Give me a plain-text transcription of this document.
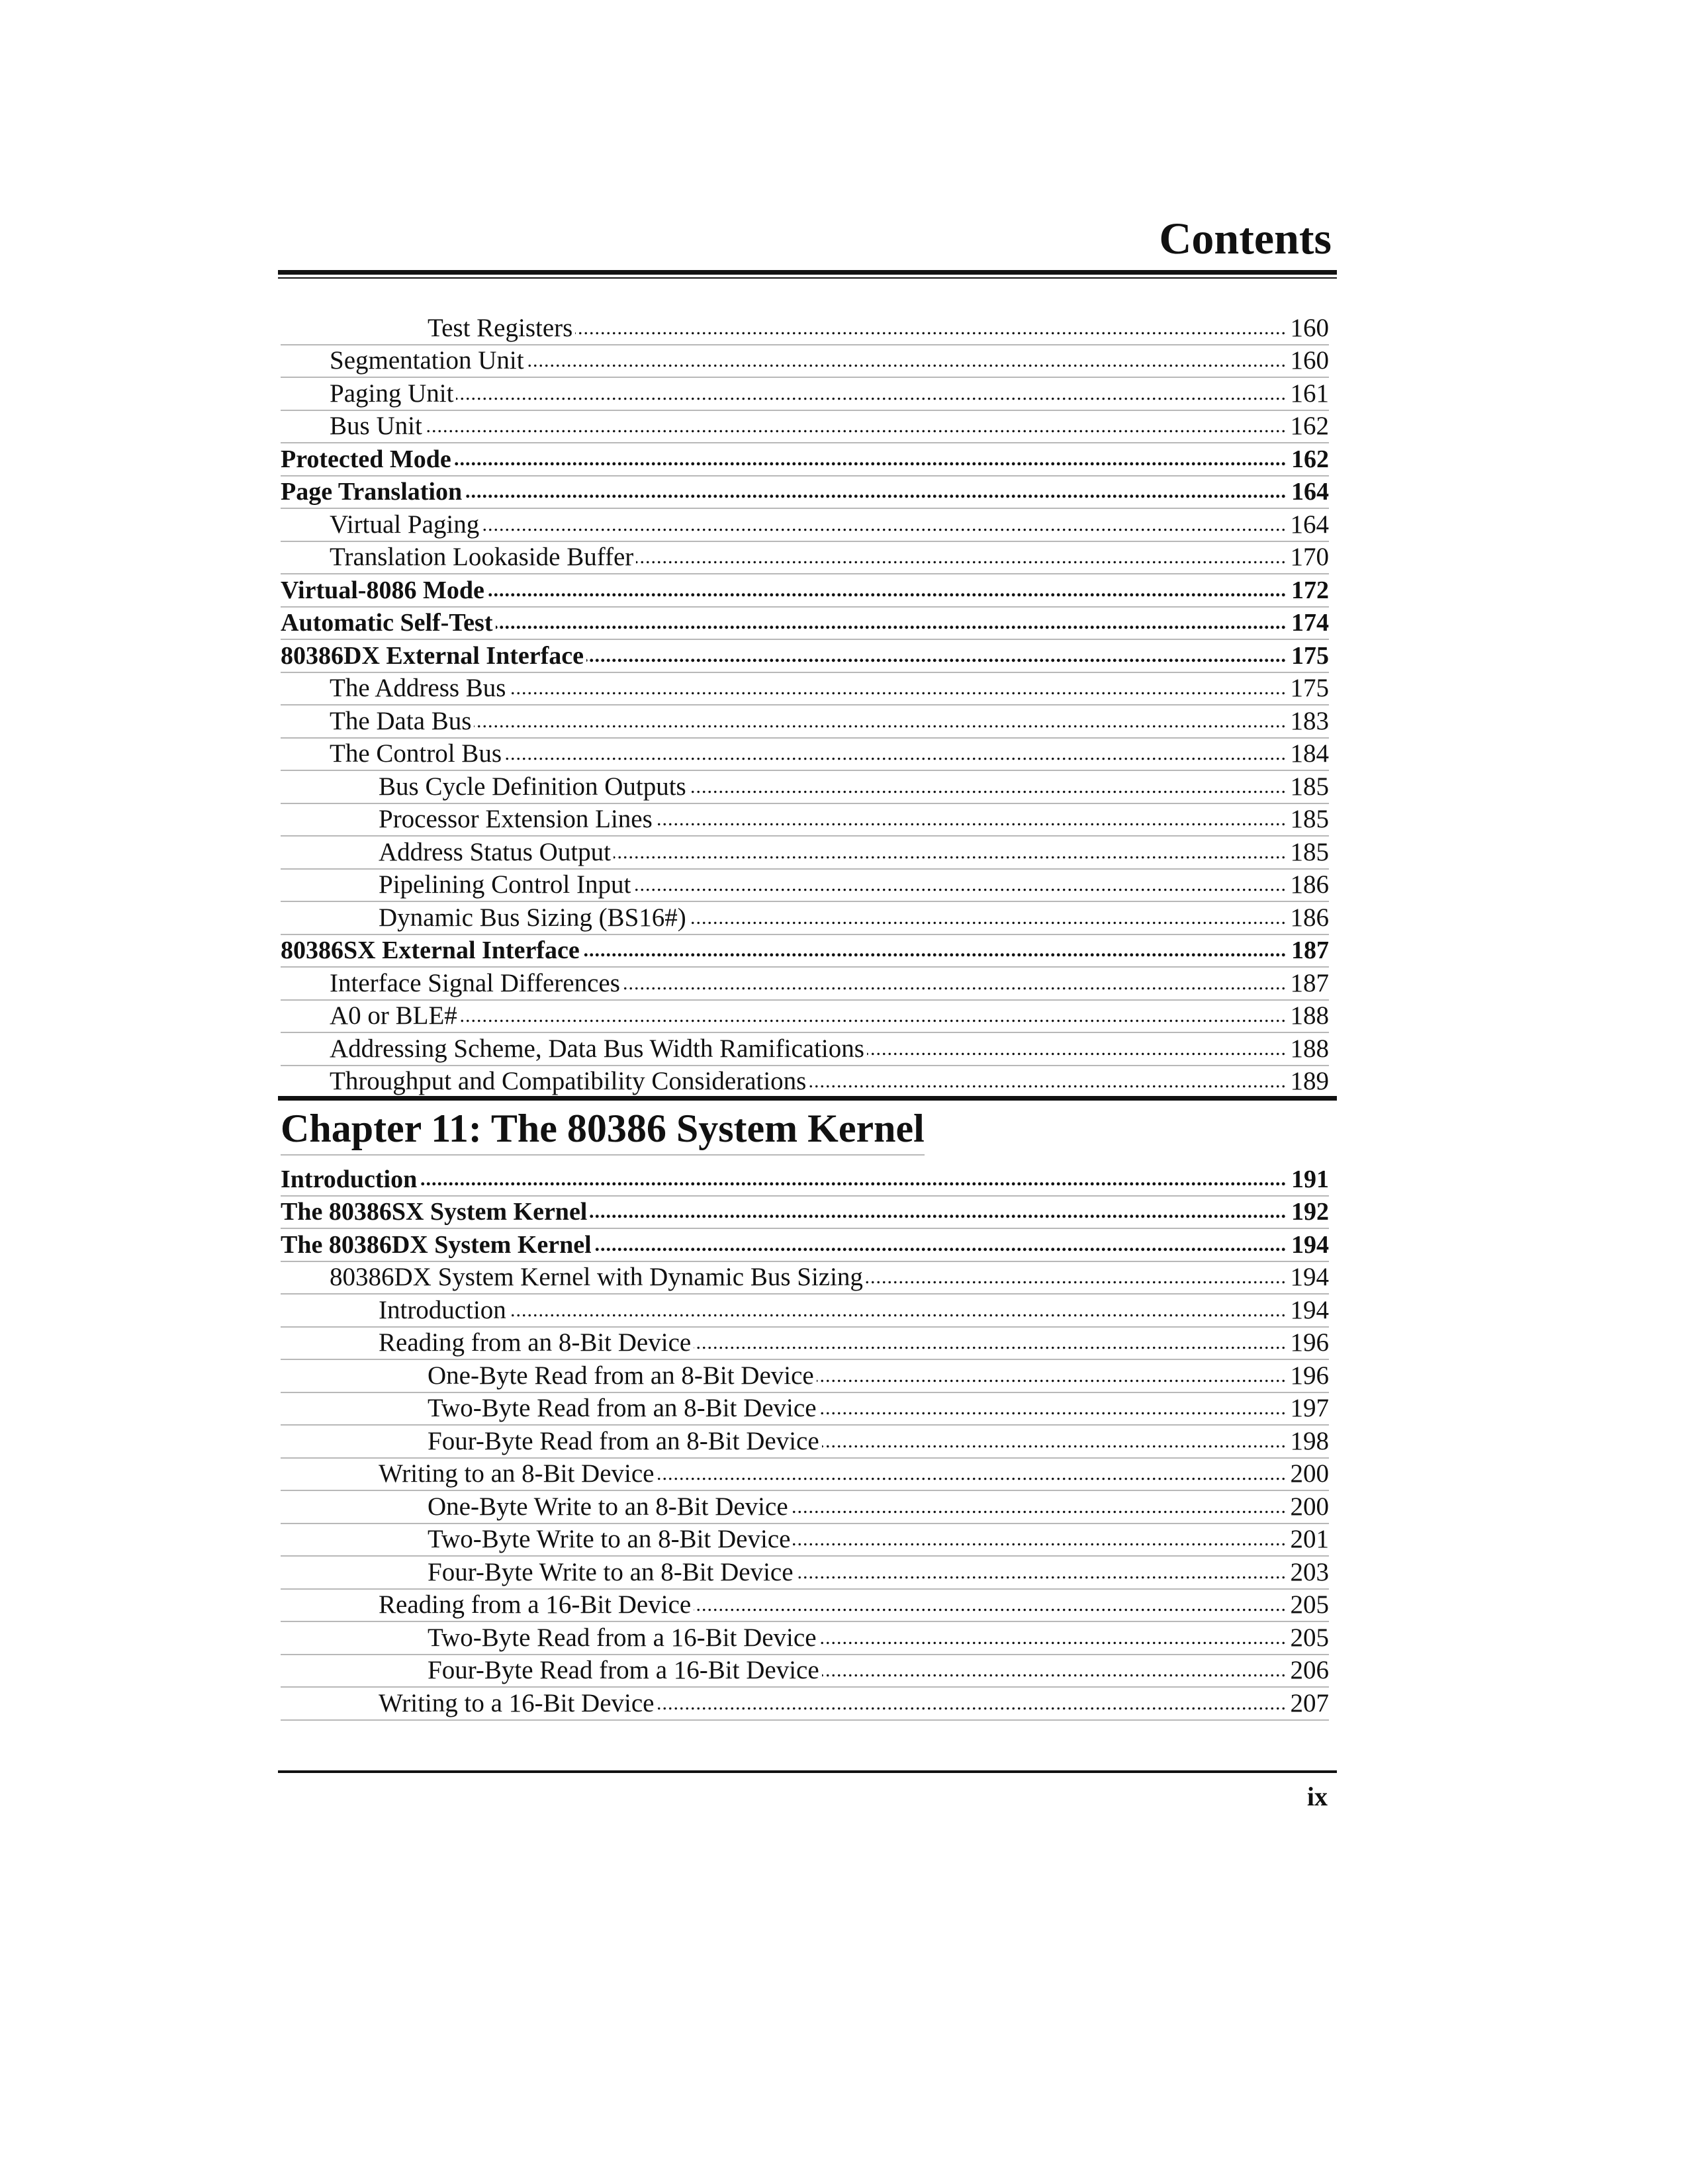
Contents
Test Registers .....	160
Segmentation Unit .....	160
Paging Unit .....	161
Bus Unit .....	162
Protected Mode .....	162
Page Translation .....	164
Virtual Paging .....	164
Translation Lookaside Buffer .....	170
Virtual-8086 Mode .....	172
Automatic Self-Test .....	174
80386DX External Interface .....	175
The Address Bus .....	175
The Data Bus .....	183
The Control Bus .....	184
Bus Cycle Definition Outputs .....	185
Processor Extension Lines .....	185
Address Status Output .....	185
Pipelining Control Input .....	186
Dynamic Bus Sizing (BS16#) .....	186
80386SX External Interface .....	187
Interface Signal Differences .....	187
A0 or BLE# .....	188
Addressing Scheme, Data Bus Width Ramifications .....	188
Throughput and Compatibility Considerations .....	189
Chapter 11: The 80386 System Kernel
Introduction .....	191
The 80386SX System Kernel .....	192
The 80386DX System Kernel .....	194
80386DX System Kernel with Dynamic Bus Sizing .....	194
Introduction .....	194
Reading from an 8-Bit Device .....	196
One-Byte Read from an 8-Bit Device .....	196
Two-Byte Read from an 8-Bit Device .....	197
Four-Byte Read from an 8-Bit Device .....	198
Writing to an 8-Bit Device .....	200
One-Byte Write to an 8-Bit Device .....	200
Two-Byte Write to an 8-Bit Device .....	201
Four-Byte Write to an 8-Bit Device .....	203
Reading from a 16-Bit Device .....	205
Two-Byte Read from a 16-Bit Device .....	205
Four-Byte Read from a 16-Bit Device .....	206
Writing to a 16-Bit Device .....	207
ix
